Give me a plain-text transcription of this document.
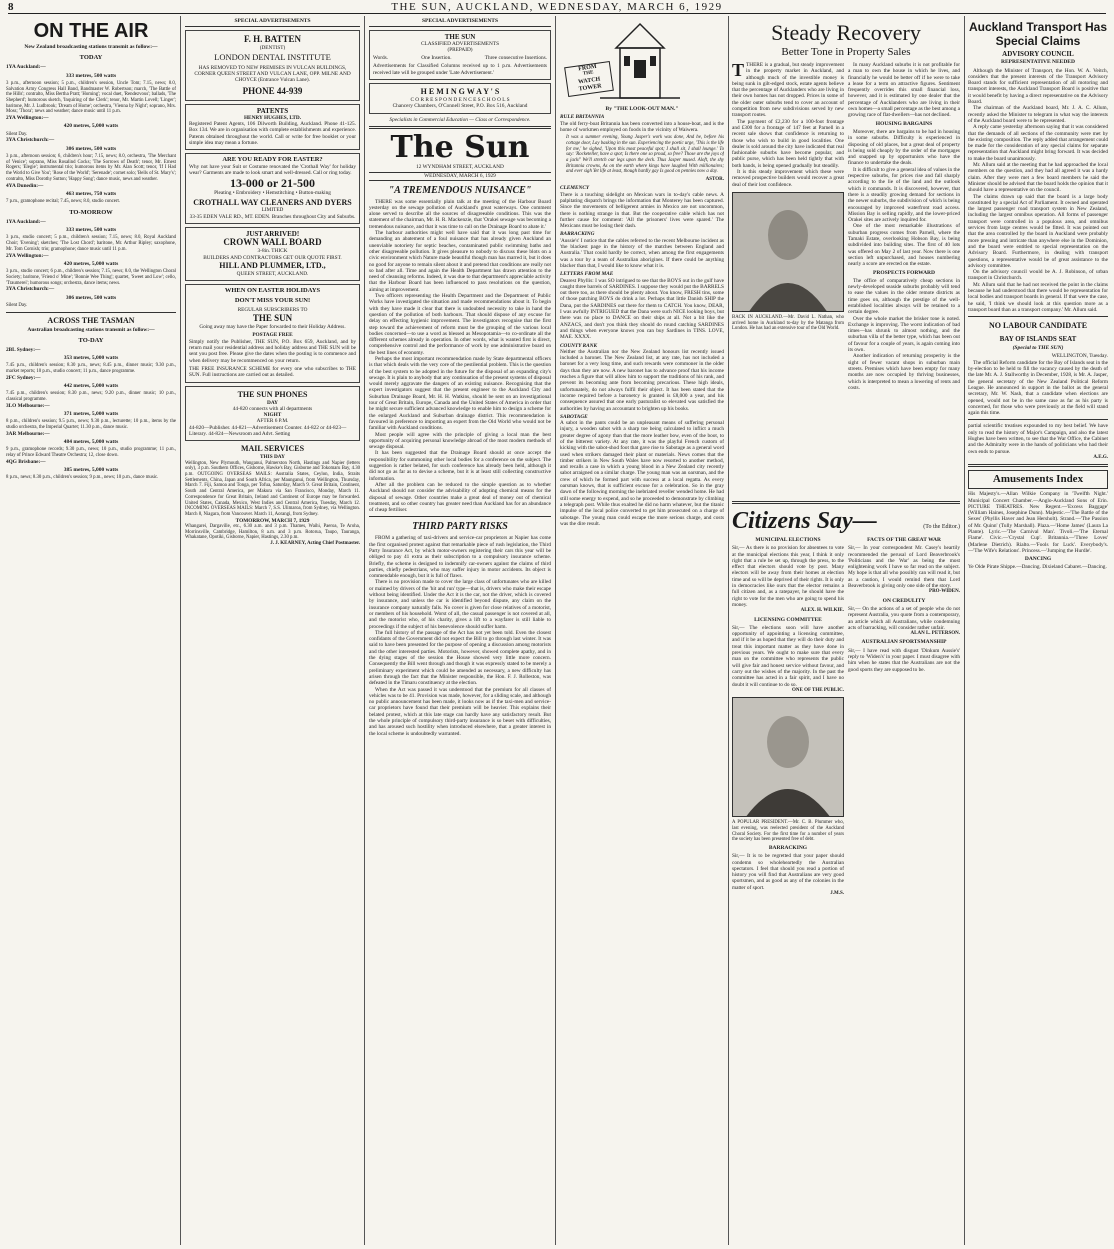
8	THE SUN, AUCKLAND, WEDNESDAY, MARCH 6, 1929
ON THE AIR
New Zealand broadcasting stations transmit as follow:—
TODAY
1YA Auckland:—
333 metres, 500 watts
3 p.m., afternoon session; 5 p.m., children's session, Uncle Tom; 7.15, news; 8.0, Salvation Army Congress Hall Band, Bandmaster W. Robertson; march, 'The Battle of the Hills'; contralto, Miss Bertha Pratt; 'Homing'; vocal duet, 'Rendezvous'; ballads, 'The Shepherd'; humorous sketch, 'Inquiring of the Clerk'; tenor, Mr. Martin Lovell; 'Linger'; baritone, Mr. J. Ludbrook; 'Dream of Home'; orchestra, 'Vienna by Night'; soprano, Mrs. Moss; 'Thora'; news and weather; dance music until 11 p.m.
2YA Wellington:—
420 metres, 5,000 watts
Silent Day.
3YA Christchurch:—
306 metres, 500 watts
3 p.m., afternoon session; 6, children's hour; 7.15, news; 8.0, orchestra, 'The Merchant of Venice'; soprano, Miss Rosalind Cocks; 'The Sorrows of Death'; tenor, Mr. Ernest Rogers; 'Elegie'; instrumental trio; humorous items by Mr. Alan Scott; tenor, 'If I Had the World to Give You'; 'Rose of the World'; 'Serenade'; cornet solo; 'Bells of St. Mary's'; contralto, Miss Dorothy Sutton; 'Happy Song'; dance music, news and weather.
4YA Dunedin:—
463 metres, 750 watts
7 p.m., gramophone recital; 7.45, news; 8.0, studio concert.
TO-MORROW
1YA Auckland:—
333 metres, 500 watts
3 p.m., studio concert; 5 p.m., children's session; 7.15, news; 8.0, Royal Auckland Choir; 'Evening'; sketches; 'The Lost Chord'; baritone, Mr. Arthur Ripley; saxophone, Mr. Tom Cornish; trio; gramophone; dance music until 11 p.m.
2YA Wellington:—
420 metres, 5,000 watts
3 p.m., studio concert; 6 p.m., children's session; 7.15, news; 8.0, the Wellington Choral Society; baritone, 'Friend o' Mine'; 'Bonnie Wee Thing'; quartet, 'Sweet and Low'; cello, 'Traumerei'; humorous songs; orchestra, dance items; news.
3YA Christchurch:—
306 metres, 500 watts
Silent Day.
ACROSS THE TASMAN
Australian broadcasting stations transmit as follow:—
TO-DAY
2BL Sydney:—
353 metres, 5,000 watts
7.45 p.m., children's session; 8.30 p.m., news; 8.45 p.m., dinner music; 9.30 p.m., market reports; 10 p.m., studio concert; 11 p.m., dance programme.
2FC Sydney:—
442 metres, 5,000 watts
7.45 p.m., children's session; 8.30 p.m., news; 9.20 p.m., dinner music; 10 p.m., classical programme.
3LO Melbourne:—
371 metres, 5,000 watts
8 p.m., children's session; 9.5 p.m., news; 9.30 p.m., lecturette; 10 p.m., items by the studio orchestra, the Imperial Quartet; 11.30 p.m., dance music.
3AR Melbourne:—
484 metres, 5,000 watts
9 p.m., gramophone records; 9.30 p.m., news; 10 p.m., studio programme; 11 p.m., relay of Prince Edward Theatre Orchestra; 12, close down.
4QG Brisbane:—
385 metres, 5,000 watts
8 p.m., news; 8.30 p.m., children's session; 9 p.m., news; 10 p.m., dance music.
SPECIAL ADVERTISEMENTS
F. H. BATTEN
(DENTIST)
LONDON DENTAL INSTITUTE
HAS REMOVED TO NEW PREMISES IN VULCAN BUILDINGS, CORNER QUEEN STREET AND VULCAN LANE, OPP. MILNE AND CHOYCE (Entrance Vulcan Lane).
PHONE 44-939
PATENTS
HENRY HUGHES, LTD.
Registered Patent Agents, 106 Dilworth Building, Auckland. Phone 41-125. Box 134. We are in organisation with complete establishments and experience. Patents obtained throughout the world. Call or write for free booklet or your simple idea may mean a fortune.
ARE YOU READY FOR EASTER?
Why not have your Suit or Costume renovated the 'Crothall Way' for holiday wear? Garments are made to look smart and well-dressed. Call or ring today.
13-000 or 21-500
Pleating • Embroidery • Hemstitching • Button-making
CROTHALL WAY CLEANERS AND DYERS
LIMITED
33-35 EDEN VALE RD., MT. EDEN. Branches throughout City and Suburbs.
JUST ARRIVED!
CROWN WALL BOARD
3-8in. THICK
BUILDERS AND CONTRACTORS GET OUR QUOTE FIRST.
HILL AND PLUMMER, LTD.,
QUEEN STREET, AUCKLAND.
WHEN ON EASTER HOLIDAYS
DON'T MISS YOUR SUN!
REGULAR SUBSCRIBERS TO
THE SUN
Going away may have the Paper forwarded to their Holiday Address.
POSTAGE FREE
Simply notify the Publisher, THE SUN, P.O. Box 659, Auckland, and by return mail your residential address and holiday address and THE SUN will be sent you post free. Please give the dates when the posting is to commence and when delivery may be recommenced on your return.
THE FREE INSURANCE SCHEME for every one who subscribes to THE SUN. Full instructions are carried out as detailed.
THE SUN PHONES
DAY
44-820 connects with all departments
NIGHT
AFTER 6 P.M.
44-820—Publisher. 44-821—Advertisement Counter. 44-822 or 44-823—Literary. 44-824—Newsroom and Advt. Setting
MAIL SERVICES
THIS DAY
Wellington, New Plymouth, Wanganui, Palmerston North, Hastings and Napier (letters only), 3 p.m. Southern Offices, Gisborne, Hawke's Bay, Gisborne and Tokomaru Bay, 4.30 p.m. OUTGOING OVERSEAS MAILS: Australia States, Ceylon, India, Straits Settlements, China, Japan and South Africa, per Maunganui, from Wellington, Thursday, March 7. Fiji, Samoa and Tonga, per Tofua, Saturday, March 9. Great Britain, Continent, South and Central America, per Makura via San Francisco, Monday, March 11. Correspondence for Great Britain, Ireland and Continent of Europe may be forwarded. United States, Canada, Mexico, West Indies and Central America, Tuesday, March 12. INCOMING OVERSEAS MAILS: March 7, S.S. Ulimaroa, from Sydney, via Wellington. March 8, Niagara, from Vancouver. March 11, Aorangi, from Sydney.
TOMORROW, MARCH 7, 1929
Whangarei, Dargaville, etc., 6.30 a.m. and 3 p.m. Thames, Waihi, Paeroa, Te Aroha, Morrinsville, Cambridge, Hamilton, 8 a.m. and 3 p.m. Rotorua, Taupo, Tauranga, Whakatane, Opotiki, Gisborne, Napier, Hastings, 2.30 p.m.
J. J. KEARNEY, Acting Chief Postmaster.
SPECIAL ADVERTISEMENTS
THE SUN
CLASSIFIED ADVERTISEMENTS
(PREPAID)
Words.	One Insertion.	Three consecutive Insertions.
Advertisements for Classified Columns received up to 1 p.m. Advertisements received late will be grouped under 'Late Advertisement.'
H E M I N G W A Y ' S
C O R R E S P O N D E N C E S C H O O L S
Chancery Chambers, O'Connell Street, P.O. Box 516, Auckland
Specialists in Commercial Education — Class or Correspondence.
The Sun
12 WYNDHAM STREET, AUCKLAND
WEDNESDAY, MARCH 6, 1929
"A TREMENDOUS NUISANCE"
THERE was some essentially plain talk at the meeting of the Harbour Board yesterday on the sewage pollution of Auckland's great waterways. One comment alone served to describe all the sources of disagreeable conditions. This was the statement of the chairman, Mr. H. R. Mackenzie, that 'Orakei sewage was becoming a tremendous nuisance, and that it was time to call on the Drainage Board to abate it.'
The harbour authorities might well have said that it was long past time for demanding an abatement of a foul nuisance that has already given Auckland an unenviable notoriety for septic beaches, contaminated public swimming baths and other disagreeable pollution. It gives pleasure to nobody to discuss these blots on a civic environment which Nature made beautiful though man has marred it, but it does no good for anyone to remain silent about it and pretend that conditions are really not so bad after all. Time and again the Health Department has drawn attention to the need of cleansing reforms. Indeed, it was due to that department's appreciable activity that the Harbour Board has been influenced to pass resolutions on the question, aiming at improvement.
Two officers representing the Health Department and the Department of Public Works have investigated the situation and made recommendations about it. To begin with they have made it clear that there is undoubted necessity to take in hand the question of the pollution of both harbours. That should dispose of any excuse for delay on effecting hygienic improvement. The investigators recognise that the first step toward the achievement of reform must be the grouping of the various local bodies concerned—to use a word as blessed as Mesopotamia—to co-ordinate all the different schemes already in operation. In other words, what is wanted first is direct, comprehensive control and the performance of work by one administrative board on the best lines of economy.
Perhaps the most important recommendation made by State departmental officers is that which deals with the very core of the pestilential problem. This is the question of the best system to be adopted in the future for the disposal of an expanding city's sewage. It is plain to anybody that any continuation of the present systems of disposal would merely aggravate the dangers of an existing nuisance. Recognising that the expert investigators suggest that the present engineer to the Auckland City and Suburban Drainage Board, Mr. H. H. Watkins, should be sent on an investigational tour of Great Britain, Europe, Canada and the United States of America in order that he might secure sufficient advanced knowledge to enable him to design a scheme for the enlarged Auckland and Suburban drainage district. This recommendation is favoured in preference to importing an expert from the Old World who would not be familiar with Auckland conditions.
Most people will agree with the principle of giving a local man the best opportunity of acquiring personal knowledge abroad of the most modern methods of sewage disposal.
It has been suggested that the Drainage Board should at once accept the responsibility for summoning other local bodies for a conference on the subject. The suggestion is rather belated, for such conference has already been held, although it did not go as far as to devise a scheme, but it is at least still collecting constructive information.
After all the problem can be reduced to the simple question as to whether Auckland should not consider the advisability of adopting chemical means for the disposal of sewage. Other countries make a great deal of money out of chemical treatment, and so other country has greater need than Auckland has for an abundance of cheap fertiliser.
THIRD PARTY RISKS
FROM a gathering of taxi-drivers and service-car proprietors at Napier has come the first organised protest against that remarkable piece of rush legislation, the Third Party Insurance Act, by which motor-owners registering their cars this year will be obliged to pay 41 extra as their subscription to a compulsory insurance scheme. Briefly, the scheme is designed to indemnify car-owners against the claims of third parties, chiefly pedestrians, who may suffer injury in motor accidents. Its object is commendable enough, but it is full of flaws.
There is no provision made to cover the large class of unfortunates who are killed or maimed by drivers of the 'hit and run' type—that is, drivers who make their escape without being identified. Under the Act it is the car, not the driver, which is covered by insurance, and unless the car is identified beyond dispute, any claim on the insurance company naturally falls. No cover is given for close relatives of a motorist, or members of his household. Worst of all, the casual passenger is not covered at all, and the motorist who, of his charity, gives a lift to a wayfarer is still liable to proceedings if the subject of his benevolence should suffer harm.
The full history of the passage of the Act has not yet been told. Even the closest confidants of the Government did not expect the Bill to go through last winter. It was said to have been presented for the purpose of opening a discussion among motorists and the other interested parties. Motorists, however, showed complete apathy, and in the dying stages of the session the House showed very little more concern. Consequently the Bill went through and though it was expressly stated to be merely a preliminary experiment which could be amended as necessary, a new difficulty has arisen through the fact that the Minister responsible, the Hon. F. J. Rolleston, was defeated in the Timaru constituency at the election.
When the Act was passed it was understood that the premium for all classes of vehicles was to be 41. Provision was made, however, for a sliding scale, and although no public announcement has been made, it looks now as if the taxi-men and service-car proprietors have found that their premium will be heavier. This explains their belated protest, which at this late stage can hardly have any satisfactory result. But the whole principle of compulsory third-party insurance is so beset with difficulties, and has aroused such hostility when introduced elsewhere, that a greater interest in the local scheme is undoubtedly warranted.
FROM
THE
WATCH TOWER
By "THE LOOK-OUT MAN."
RULE BRITANNIA
The old ferry-boat Britannia has been converted into a house-boat, and is the home of workmen employed on foods in the vicinity of Waiwera.
It was a summer evening, Young Jasper's work was done, And he, before his cottage door, Lay basking in the sun. Experiencing the poetic urge, 'This is the life for me,' he sighed, 'Upon this most peaceful spot; I shall sit, I shall lounge.' To say: 'Rocketeller, have a spot; Is there one so proud, so free? Those are the joys of a jack!' We'll stretch our legs upon the deck. Thus Jasper mused. Aloft, the shy Britannia crowns, As on the earth where kings have laughed With millionaires; and ever sigh Yet life at least, though hardly gay Is good on pennies now a day.
ASTOR.
CLEMENCY
There is a touching sidelight on Mexican wars in to-day's cable news. A palpitating dispatch brings the information that Monterey has been captured. Since the movements of belligerent armies in Mexico are not uncommon, there is nothing strange in that. But the cooperative cable which has not further cause for comment: 'All the prisoners' lives were spared.' The Mexicans must be losing their dash.
BARRACKING
'Aussie's' I notice that the cables referred to the recent Melbourne incident as 'the blackest page in the history of the matches between England and Australia.' That could hardly be correct, when among the first engagements was a tour by a team of Australian aborigines. If there could be anything blacker than that, I would like to know what it is.
LETTERS FROM MAE
Dearest Phyllis: I was SO intrigued to see that the BOYS out in the gulf have caught three barrels of SARDINES. I suppose they would put the BARRELS out there too, as there should be plenty about. You know, FRESH tins, some of those patching BOYS do drink a lot. Perhaps that little Danish SHIP the Dana, put the SARDINES out there for them to CATCH. You know, DEAR, I was awfully INTRIGUED that the Dana were such NICE looking boys, but there was no place to DANCE on their ships at all. Not a bit like the ANZACS, and don't you think they should do round catching SARDINES and things when everyone knows you can buy Sardines in TINS. LOVE, MAE. XXXX.
COUNTY RANK
Neither the Australian nor the New Zealand honours list recently issued included a baronet. The New Zealand list, at any rate, has not included a baronet for a very long time, and such rewards were commoner in the older days than they are now. A new baronet has to advance proof that his income reaches a figure that will allow him to support the traditions of his rank, and prevent its becoming ante from becoming precarious. These high ideals, unfortunately, do not always fulfil their object. It has been stated that the income required before a baronetcy is granted is £8,000 a year, and his consequence assured that one early pasturalist so elevated was satisfied the authorities by having an accountant to brighten up his books.
SABOTAGE
A sabot in the pants could be an unpleasant means of suffering personal injury, a wooden sabot with a sharp toe being calculated to inflict a much greater degree of agony than that the more leather bow, even of the boot, to of the bitterest variety. At any rate, it was the playful French custom of kicking with the sabot-shod foot that gave rise to Sabotage as a general word used when strikers damaged their plant or materials. News comes that the timber strikers in New South Wales have now resorted to another method, and recalls a case in which a young blood in a New Zealand city recently sabot arraigned on a similar charge. The young man was an oarsman, and the crew of which he formed part with success at a local regatta. As every oarsman knows, that is sufficient excuse for a celebration. So in the gray dawn of the following morning the inebriated reveller wended home. He had still some energy to expend, and so he proceeded to demonstrate by climbing a telegraph post. While thus exalted he did no harm whatever, but the titanic impulse of the local police converted to get him prosecuted on a charge of sabotage. The young man could escape the more serious charge, and costs was the dire result.
Steady Recovery
Better Tone in Property Sales
TTHERE is a gradual, but steady improvement in the property market in Auckland, and although much of the investible money is being sunk in gilt-edged stock, estate agents believe that the percentage of Aucklanders who are living in their own homes has not dropped. Prices in some of the older outer suburbs tend to cover an account of competition from new subdivisions served by new transport routes.
The payment of £2,230 for a 100-foot frontage and £300 for a frontage of 147 feet at Parnell in a recent sale shows that confidence is returning to those who wish to build in good localities. One dealer is sold around the city have indicated that real fashionable suburbs have become popular, and public purse, which has been held tightly that with both hands, is being opened gradually but steadily.
It is this steady improvement which these were removed prospective builders would recover a great deal of their lost confidence.
BACK IN AUCKLAND.—Mr. David L. Nathan, who arrived home in Auckland to-day by the Matanga from London. He has had an extensive tour of the Old World.
In many Auckland suburbs it is not profitable for a man to own the house in which he lives, and financially he would be better off if he were to take a lease for a term on attractive figures. Sentiment frequently overrides this small financial loss, however, and it is estimated by one dealer that the percentage of Aucklanders who are living in their own homes—a small percentage as the best among a growing race of flat-dwellers—has not declined.
HOUSING BARGAINS
Moreover, there are bargains to be had in housing in some suburbs. Difficulty is experienced in disposing of old places, but a great deal of property is being sold cheaply by the order of the mortgages and snapped up by opportunists who have the finance to undertake the deals.
It is difficult to give a general idea of values in the respective suburbs, for prices rise and fall sharply according to the lie of the land and the outlook which it commands. It is discovered, however, that there is a steadily growing demand for sections in the newer suburbs, the subdivision of which is being encouraged by improved waterfront road access. Mission Bay is selling rapidly, and the lower-priced Orakei sites are actively inquired for.
One of the most remarkable illustrations of suburban progress comes from Parnell, where the Tamaki Estate, overlooking Hobson Bay, is being subdivided into building sites. The first of 40 lots was offered on May 2 of last year. Now there is one section left unpurchased, and houses numbering nearly a score are erected on the estate.
PROSPECTS FORWARD
The office of comparatively cheap sections in newly-developed seaside suburbs probably will tend to ease the values in the older remote districts as time goes on, although the prestige of the well-established localities always will be retained to a certain degree.
Over the whole market the brisker tone is noted. Exchange is improving. The worst indication of bad times—has shrunk to almost nothing, and the suburban villa of the better type, which has been out of favour for a couple of years, is again coming into its own.
Another indication of returning prosperity is the sight of fewer vacant shops in suburban main streets. Premises which have been empty for many months are now occupied by thriving businesses, which is interpreted to mean a lowering of rents and costs.
Citizens Say—	(To the Editor.)
MUNICIPAL ELECTIONS
Sir,— As there is no provision for absentees to vote at the municipal elections this year, I think it only right that a rule be set up, through the press, to the effect that electors should vote by post. Many electors will be away from their homes at election time and so will be deprived of their rights. It is only in democracies like ours that the elector remains a full citizen and, as a ratepayer, he should have the right to vote for the men who are going to spend his money.
ALEX. H. WILKIE.
LICENSING COMMITTEE
Sir,— The elections soon will have another opportunity of appointing a licensing committee, and if it be as hoped that they will do their duty and treat this important matter as they have done in previous years. We ought to make sure that every man on the committee who represents the public will give fair and honest service without favour, and carry out the wishes of the majority. In the past the committee has acted in a fair spirit, and I have no doubt it will continue to do so.
ONE OF THE PUBLIC.
A POPULAR PRESIDENT.—Mr. C. B. Plummer who, last evening, was reelected president of the Auckland Choral Society. For the first time for a number of years the society has been presented free of debt.
BARRACKING
Sir,— It is to be regretted that your paper should condemn so wholeheartedly the Australian spectators. I feel that should you read a portion of history you will find that Australians are very good sportsmen, and as good as any of the colonies in the matter of sport.
J.M.S.
FACTS OF THE GREAT WAR
Sir,— In your correspondent Mr. Casey's heartily recommended the perusal of Lord Beaverbrook's 'Politicians and the War' as being the most enlightening work I have so far read on the subject. My hope is that all who possibly can will read it, but as a caution, I would remind them that Lord Beaverbrook is giving only one side of the story.
PRO-WIDEN.
ON CREDULITY
Sir,— On the actions of a set of people who do not represent Australia, you quote from a contemporary, an article which all Australians, while condemning acts of barracking, will consider rather unfair.
ALAN L. PETERSON.
AUSTRALIAN SPORTSMANSHIP
Sir,— I have read with disgust 'Dinkum Aussie's' reply to 'Widen's' in your paper. I must disagree with him when he states that the Australians are not the good sports they are supposed to be.
Auckland Transport Has Special Claims
ADVISORY COUNCIL
REPRESENTATIVE NEEDED
Although the Minister of Transport, the Hon. W. A. Veitch, considers that the present interests of the Transport Advisory Board stands for sufficient representation of all motoring and transport interests, the Auckland Transport Board is positive that it would benefit by having a direct representative on the Advisory Board.
The chairman of the Auckland board, Mr. J. A. C. Allum, recently asked the Minister to telegram in what way the interests of the Auckland board were to be represented.
A reply came yesterday afternoon saying that it was considered that the demands of all sections of the community were met by the existing composition. The reply added that arrangement could be made for the consideration of any special claims for separate representation that Auckland might bring forward. It was decided to make the board unanimously.
Mr. Allum said at the meeting that he had approached the local members on the question, and they had all agreed it was a hardy claim. After they were met a few board members he said the Minister should be advised that the board holds the opinion that it should have a representative on the council.
The claims drawn up said that the board is a large body constituted by a special Act of Parliament. It owned and operated the largest passenger road transport system in New Zealand, including the largest omnibus operation. All forms of passenger transport were controlled in a populous area, and omnibus services from large centres would be fitted. It was pointed out that the area controlled by the board in Auckland were probably more pressing and intricate than anywhere else in the Dominion, and the board were entitled to special representation on the Advisory Board. Furthermore, in dealing with transport questions, a representative would be of great assistance to the advisory committee.
On the advisory council would be A. J. Robinson, of urban transport in Christchurch.
Mr. Allum said that he had not received the point in the claims because he had understood that there would be representation for local bodies and transport boards in general. If that were the case, he said, 'I think we should look at this question more as a transport board than as a transport company.' Mr. Allum said.
NO LABOUR CANDIDATE
BAY OF ISLANDS SEAT
(Special to THE SUN)
WELLINGTON, Tuesday.
The official Reform candidate for the Bay of Islands seat in the by-election to be held to fill the vacancy caused by the death of the late Mr. A. J. Stallworthy in December, 1928, is Mr. A. Jasper, the general secretary of the New Zealand Political Reform League. He announced in support in the ballot as the general secretary, Mr. W. Nash, that a candidate when elections are opened, would not be in the same case as far as his party is concerned, for those who were previously at the field will stand again this time.
partial scientific treatises expounded to my best belief. We have only to read the history of Major's Campaign, and also the latest Hughes have been written, to see that the War Office, the Cabinet and the Admiralty were in the hands of politicians who had their own ends to pursue.
A.E.G.
Amusements Index
His Majesty's.—Allan Wilkie Company in 'Twelfth Night.' Municipal Concert Chamber.—Anglo-Auckland Sons of Erin. PICTURE THEATRES. New Regent.—'Excess Baggage' (William Haines, Josephine Dunn). Majestic.—'The Battle of the Sexes' (Phyllis Haver and Jean Hersholt). Strand.—'The Passion of Mr. Quinn' (Tully Marshall). Plaza.—'Home James' (Laura La Plante). Lyric.—'The Carnival Man'. Tivoli.—'The Eternal Flame'. Civic.—'Crystal Cup'. Britannia.—'Three Loves' (Marlene Dietrich). Rialto.—'Fools for Luck'. Everybody's.—'The Wife's Relations'. Princess.—'Jumping the Hurdle'.
DANCING
Ye Olde Pirate Shippe.—Dancing. Dixieland Cabaret.—Dancing.
